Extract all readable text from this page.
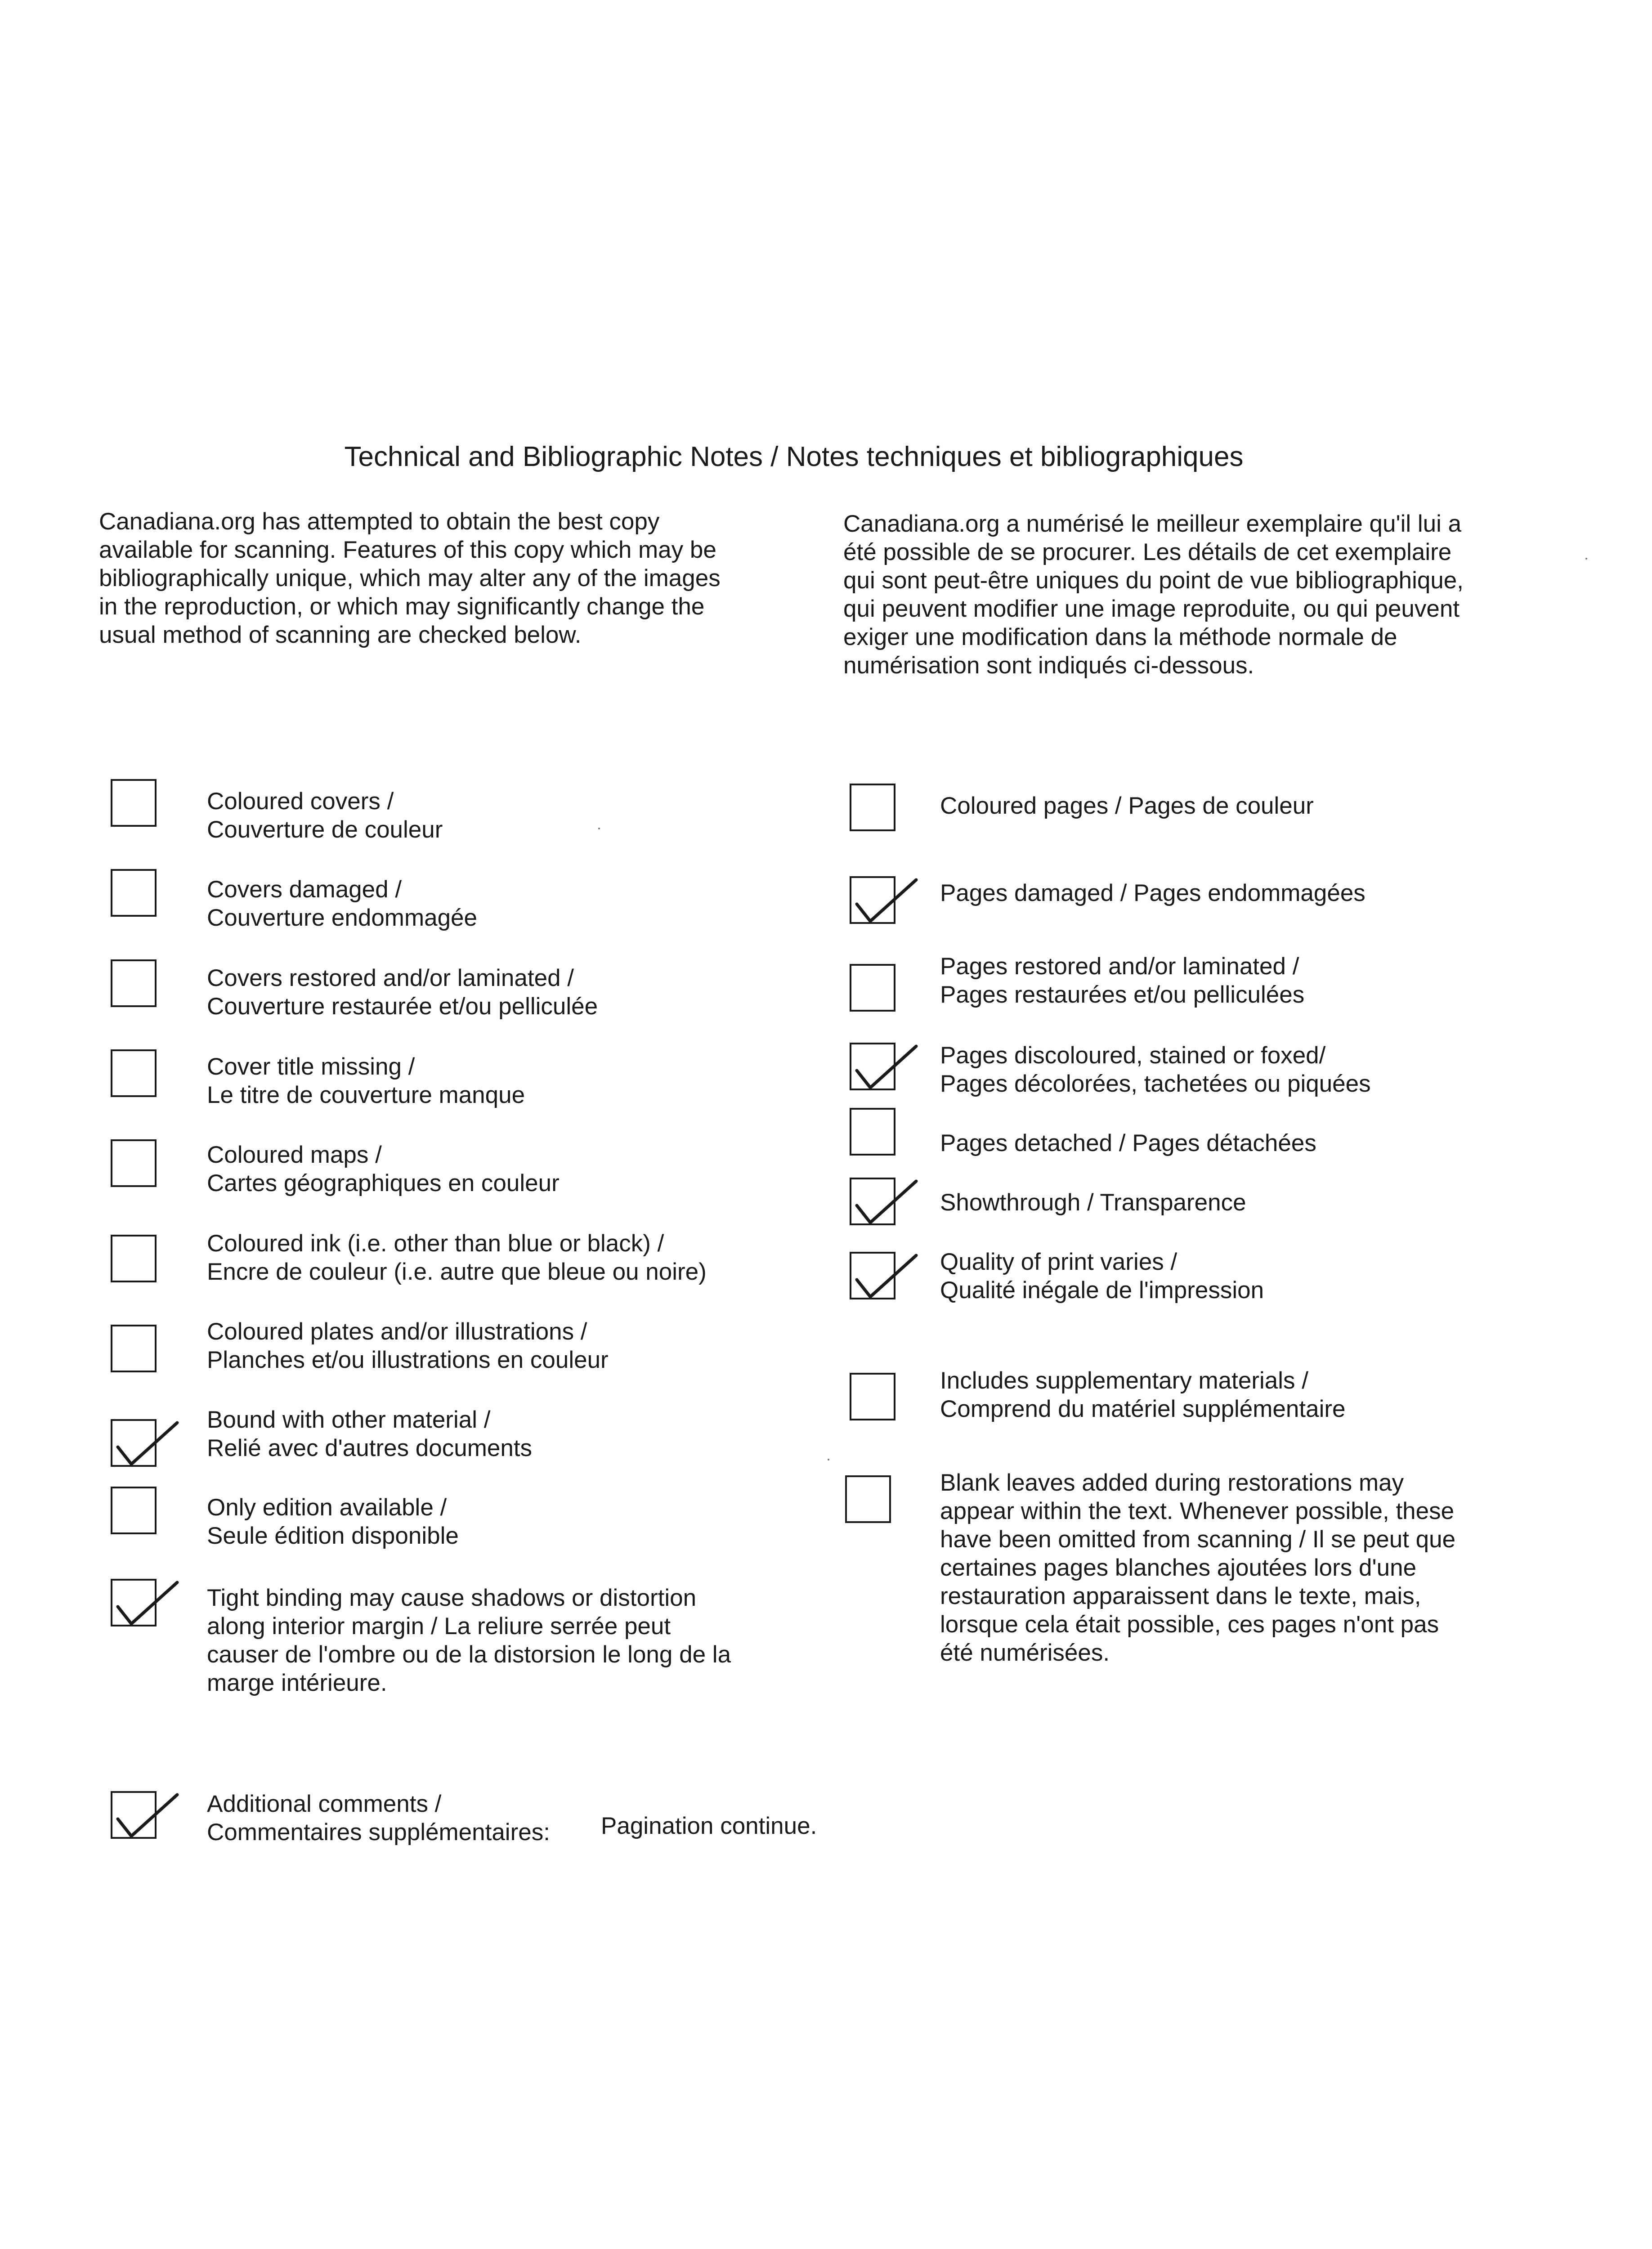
Technical and Bibliographic Notes / Notes techniques et bibliographiques
Canadiana.org has attempted to obtain the best copy
available for scanning. Features of this copy which may be
bibliographically unique, which may alter any of the images
in the reproduction, or which may significantly change the
usual method of scanning are checked below.
Canadiana.org a numérisé le meilleur exemplaire qu'il lui a
été possible de se procurer. Les détails de cet exemplaire
qui sont peut-être uniques du point de vue bibliographique,
qui peuvent modifier une image reproduite, ou qui peuvent
exiger une modification dans la méthode normale de
numérisation sont indiqués ci-dessous.
Coloured covers /
Couverture de couleur
Covers damaged /
Couverture endommagée
Covers restored and/or laminated /
Couverture restaurée et/ou pelliculée
Cover title missing /
Le titre de couverture manque
Coloured maps /
Cartes géographiques en couleur
Coloured ink (i.e. other than blue or black) /
Encre de couleur (i.e. autre que bleue ou noire)
Coloured plates and/or illustrations /
Planches et/ou illustrations en couleur
Bound with other material /
Relié avec d'autres documents
Only edition available /
Seule édition disponible
Tight binding may cause shadows or distortion
along interior margin / La reliure serrée peut
causer de l'ombre ou de la distorsion le long de la
marge intérieure.
Coloured pages / Pages de couleur
Pages damaged / Pages endommagées
Pages restored and/or laminated /
Pages restaurées et/ou pelliculées
Pages discoloured, stained or foxed/
Pages décolorées, tachetées ou piquées
Pages detached / Pages détachées
Showthrough / Transparence
Quality of print varies /
Qualité inégale de l'impression
Includes supplementary materials /
Comprend du matériel supplémentaire
Blank leaves added during restorations may
appear within the text. Whenever possible, these
have been omitted from scanning / Il se peut que
certaines pages blanches ajoutées lors d'une
restauration apparaissent dans le texte, mais,
lorsque cela était possible, ces pages n'ont pas
été numérisées.
Additional comments /
Commentaires supplémentaires: Pagination continue.
